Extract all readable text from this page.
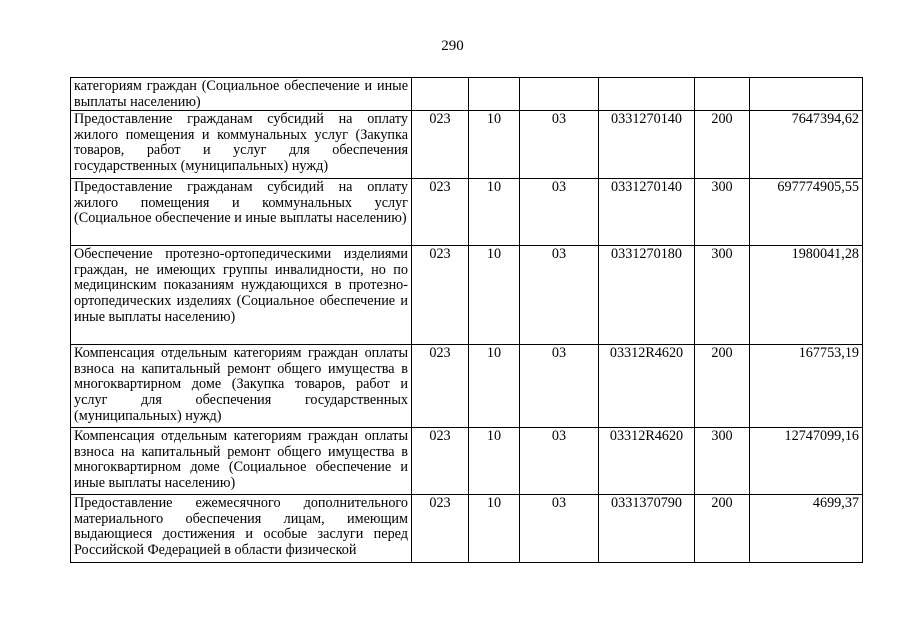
290
категориям граждан (Социальное обеспечение и иные выплаты населению)						
Предоставление гражданам субсидий на оплату жилого помещения и коммунальных услуг (Закупка товаров, работ и услуг для обеспечения государственных (муниципальных) нужд)	023	10	03	0331270140	200	7647394,62
Предоставление гражданам субсидий на оплату жилого помещения и коммунальных услуг (Социальное обеспечение и иные выплаты населению)	023	10	03	0331270140	300	697774905,55
Обеспечение протезно-ортопедическими изделиями граждан, не имеющих группы инвалидности, но по медицинским показаниям нуждающихся в протезно-ортопедических изделиях (Социальное обеспечение и иные выплаты населению)	023	10	03	0331270180	300	1980041,28
Компенсация отдельным категориям граждан оплаты взноса на капитальный ремонт общего имущества в многоквартирном доме (Закупка товаров, работ и услуг для обеспечения государственных (муниципальных) нужд)	023	10	03	03312R4620	200	167753,19
Компенсация отдельным категориям граждан оплаты взноса на капитальный ремонт общего имущества в многоквартирном доме (Социальное обеспечение и иные выплаты населению)	023	10	03	03312R4620	300	12747099,16
Предоставление ежемесячного дополнительного материального обеспечения лицам, имеющим выдающиеся достижения и особые заслуги перед Российской Федерацией в области физической	023	10	03	0331370790	200	4699,37
